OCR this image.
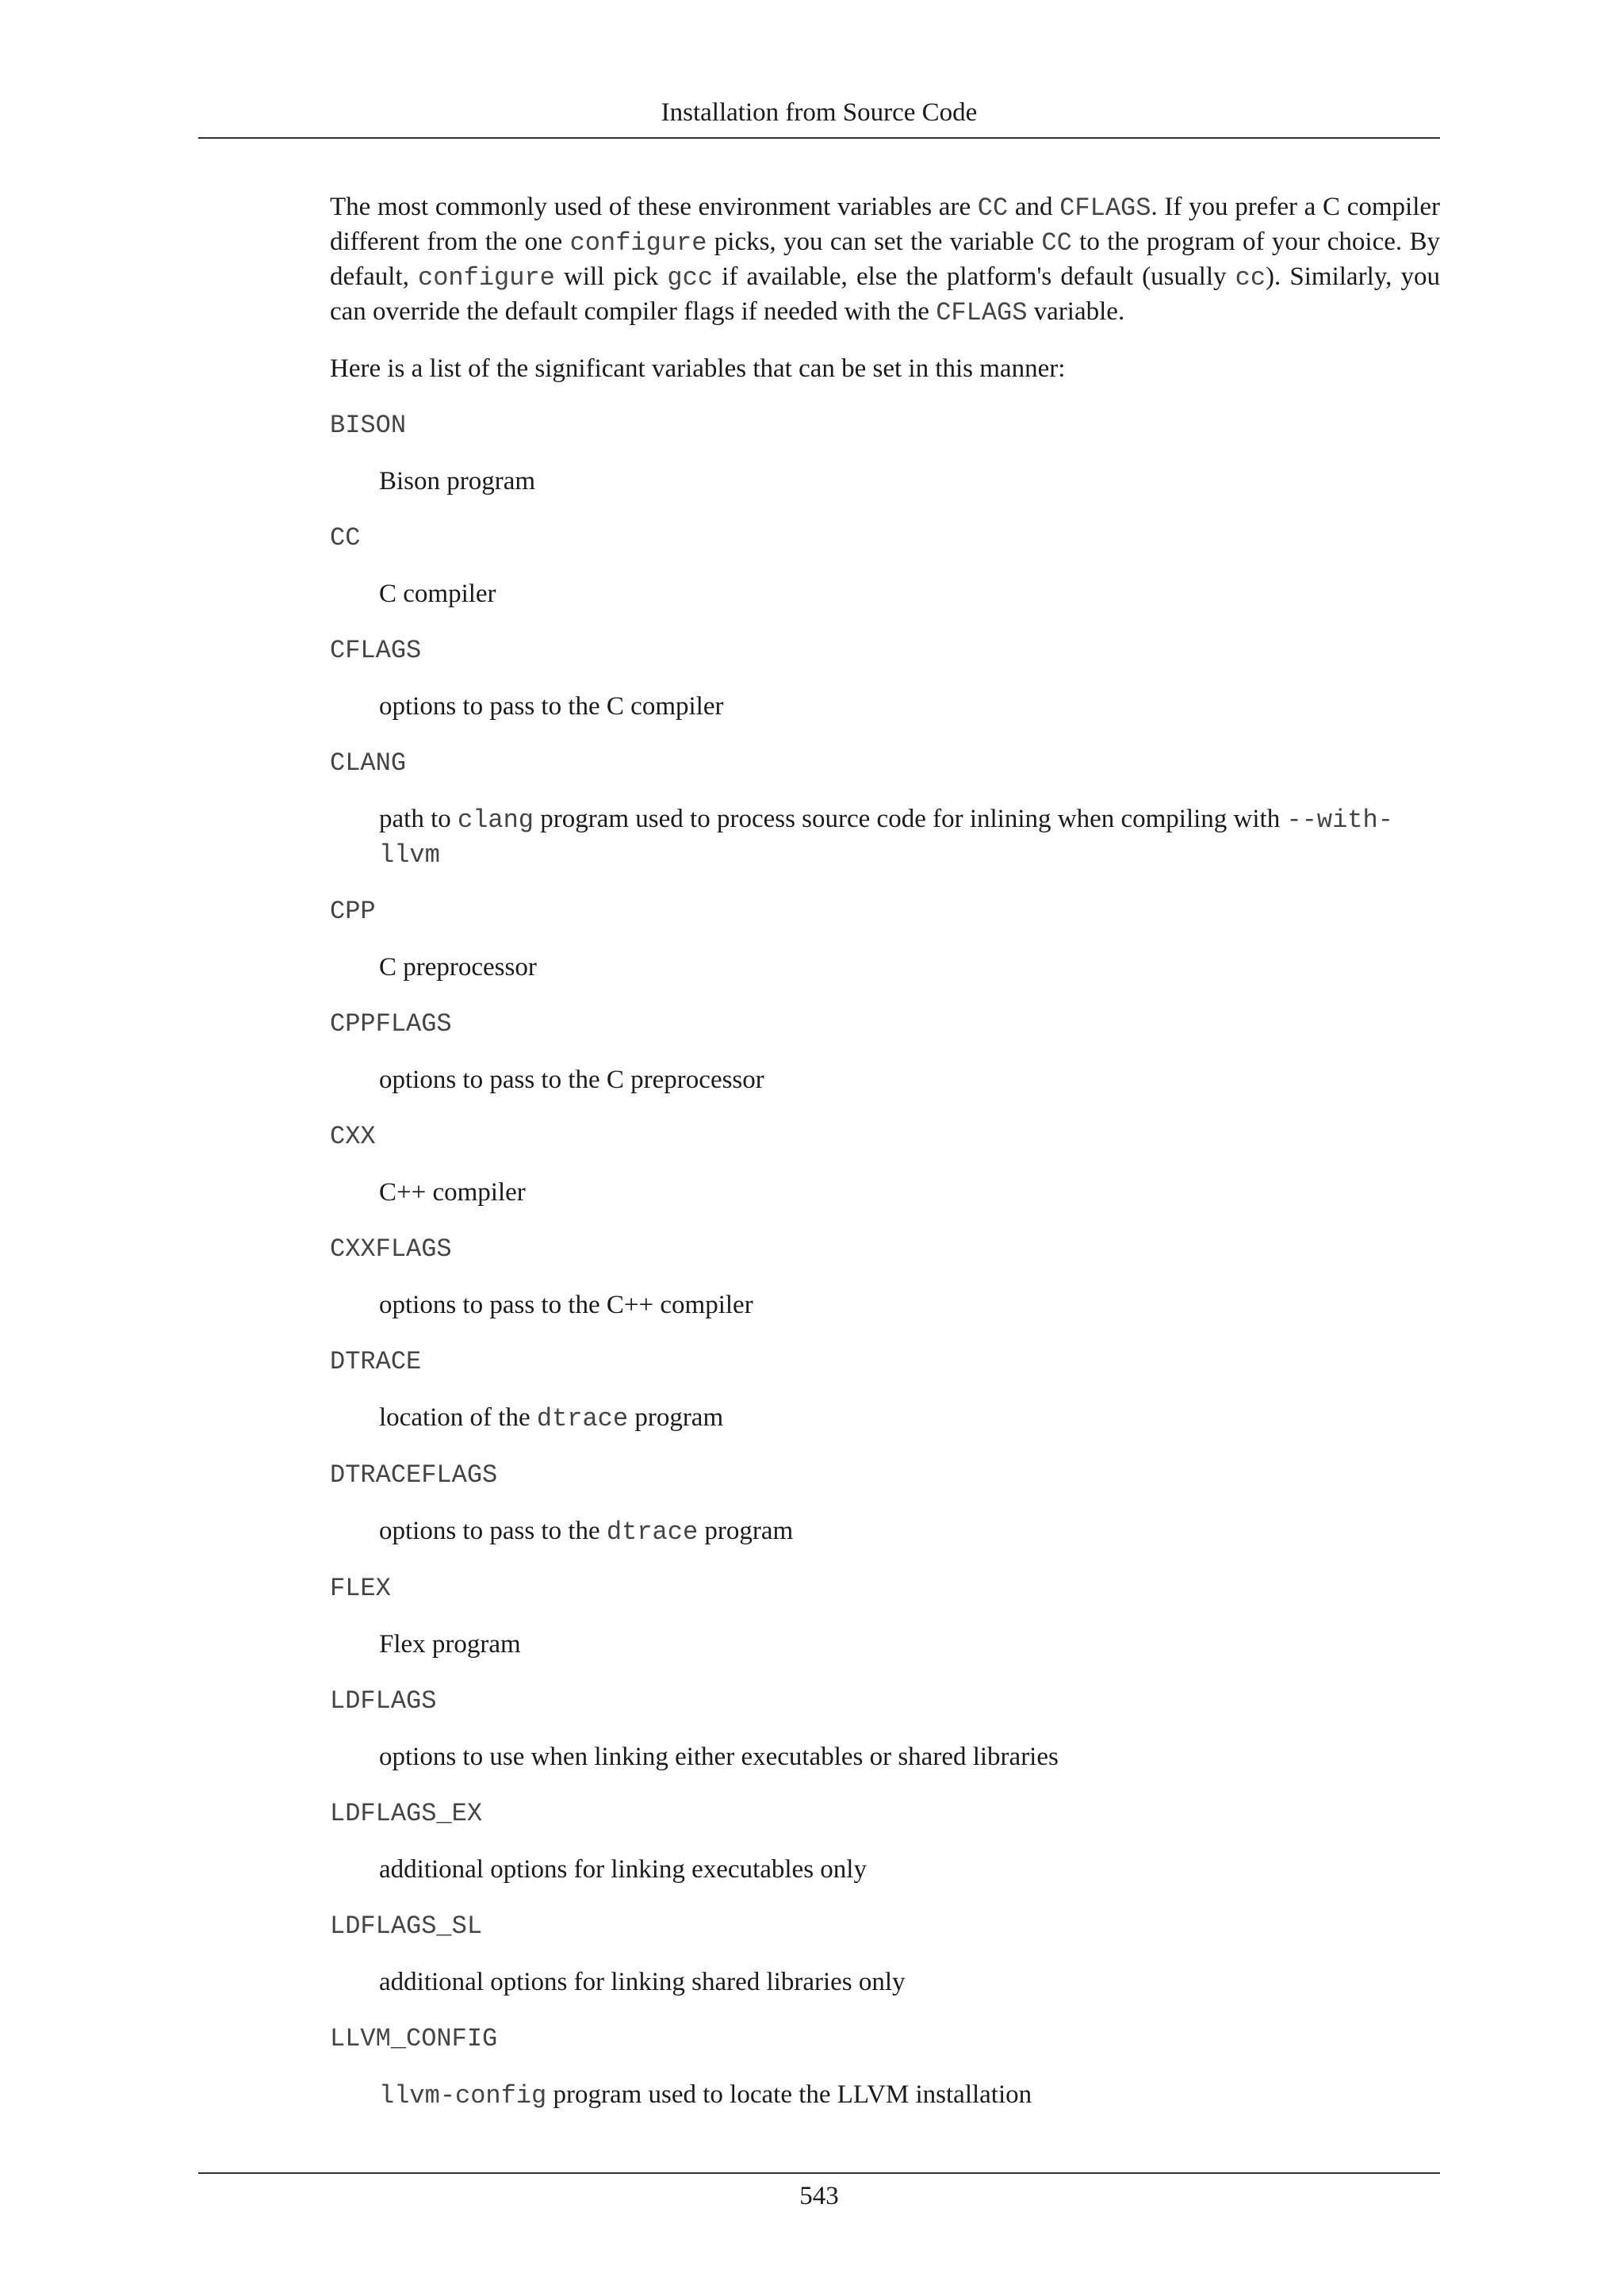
Installation from Source Code

The most commonly used of these environment variables are CC and CFLAGS. If you prefer a C compiler different from the one configure picks, you can set the variable CC to the program of your choice. By default, configure will pick gcc if available, else the platform's default (usually cc). Similarly, you can override the default compiler flags if needed with the CFLAGS variable.

Here is a list of the significant variables that can be set in this manner:

BISON
Bison program
CC
C compiler
CFLAGS
options to pass to the C compiler
CLANG
path to clang program used to process source code for inlining when compiling with --with-llvm
CPP
C preprocessor
CPPFLAGS
options to pass to the C preprocessor
CXX
C++ compiler
CXXFLAGS
options to pass to the C++ compiler
DTRACE
location of the dtrace program
DTRACEFLAGS
options to pass to the dtrace program
FLEX
Flex program
LDFLAGS
options to use when linking either executables or shared libraries
LDFLAGS_EX
additional options for linking executables only
LDFLAGS_SL
additional options for linking shared libraries only
LLVM_CONFIG
llvm-config program used to locate the LLVM installation
543
